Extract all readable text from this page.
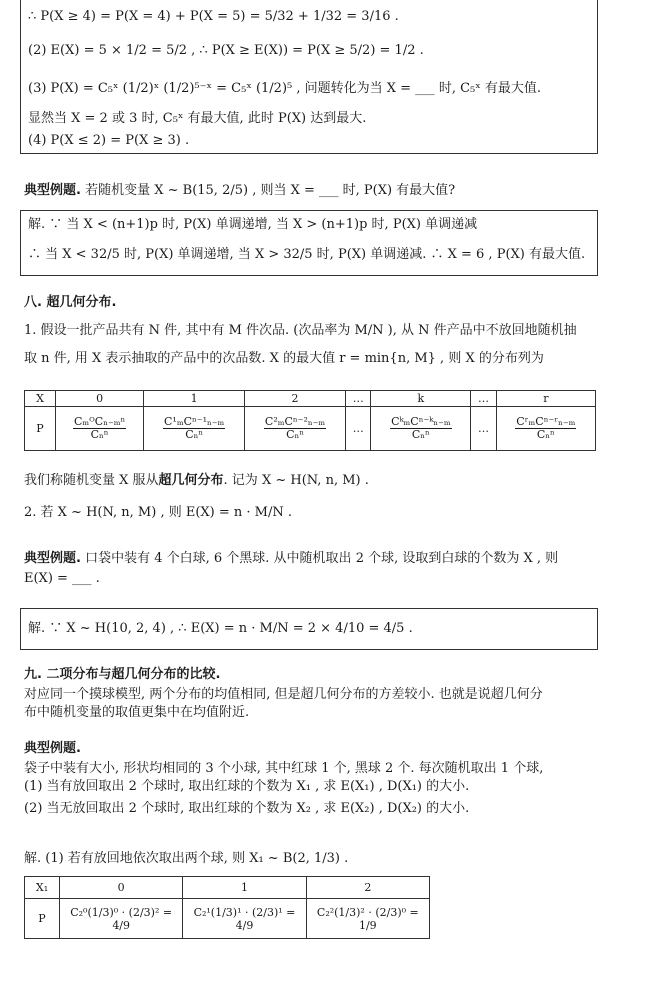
∴ P(X ≥ 4) = P(X = 4) + P(X = 5) = 5/32 + 1/32 = 3/16 .
(2) E(X) = 5 × 1/2 = 5/2 , ∴ P(X ≥ E(X)) = P(X ≥ 5/2) = 1/2 .
(3) P(X) = C₅ˣ (1/2)ˣ (1/2)⁵⁻ˣ = C₅ˣ (1/2)⁵ , 问题转化为当 X = ___ 时, C₅ˣ 有最大值.
显然当 X = 2 或 3 时, C₅ˣ 有最大值, 此时 P(X) 达到最大.
(4) P(X ≤ 2) = P(X ≥ 3) .
典型例题. 若随机变量 X ~ B(15, 2/5) , 则当 X = ___ 时, P(X) 有最大值?
解. ∵ 当 X < (n+1)p 时, P(X) 单调递增, 当 X > (n+1)p 时, P(X) 单调递减
∴ 当 X < 32/5 时, P(X) 单调递增, 当 X > 32/5 时, P(X) 单调递减. ∴ X = 6 , P(X) 有最大值.
八. 超几何分布.
1. 假设一批产品共有 N 件, 其中有 M 件次品. (次品率为 M/N ), 从 N 件产品中不放回地随机抽
取 n 件, 用 X 表示抽取的产品中的次品数. X 的最大值 r = min{n, M} , 则 X 的分布列为
X	0	1	2	…	k	…	r
P	$\frac{\text{CₘᴼCₙ₋ₘⁿ}}{\text{Cₙⁿ}}$	$\frac{\text{C¹ₘCⁿ⁻¹ₙ₋ₘ}}{\text{Cₙⁿ}}$	$\frac{\text{C²ₘCⁿ⁻²ₙ₋ₘ}}{\text{Cₙⁿ}}$	…	$\frac{\text{CᵏₘCⁿ⁻ᵏₙ₋ₘ}}{\text{Cₙⁿ}}$	…	$\frac{\text{CʳₘCⁿ⁻ʳₙ₋ₘ}}{\text{Cₙⁿ}}$
我们称随机变量 X 服从超几何分布. 记为 X ~ H(N, n, M) .
2. 若 X ~ H(N, n, M) , 则 E(X) = n · M/N .
典型例题. 口袋中装有 4 个白球, 6 个黑球. 从中随机取出 2 个球, 设取到白球的个数为 X , 则
E(X) = ___ .
解. ∵ X ~ H(10, 2, 4) , ∴ E(X) = n · M/N = 2 × 4/10 = 4/5 .
九. 二项分布与超几何分布的比较.
对应同一个摸球模型, 两个分布的均值相同, 但是超几何分布的方差较小. 也就是说超几何分
布中随机变量的取值更集中在均值附近.
典型例题.
袋子中装有大小, 形状均相同的 3 个小球, 其中红球 1 个, 黑球 2 个. 每次随机取出 1 个球,
(1) 当有放回取出 2 个球时, 取出红球的个数为 X₁ , 求 E(X₁) , D(X₁) 的大小.
(2) 当无放回取出 2 个球时, 取出红球的个数为 X₂ , 求 E(X₂) , D(X₂) 的大小.
解. (1) 若有放回地依次取出两个球, 则 X₁ ~ B(2, 1/3) .
X₁	0	1	2
P	C₂⁰(1/3)⁰ · (2/3)² = 4/9	C₂¹(1/3)¹ · (2/3)¹ = 4/9	C₂²(1/3)² · (2/3)⁰ = 1/9
